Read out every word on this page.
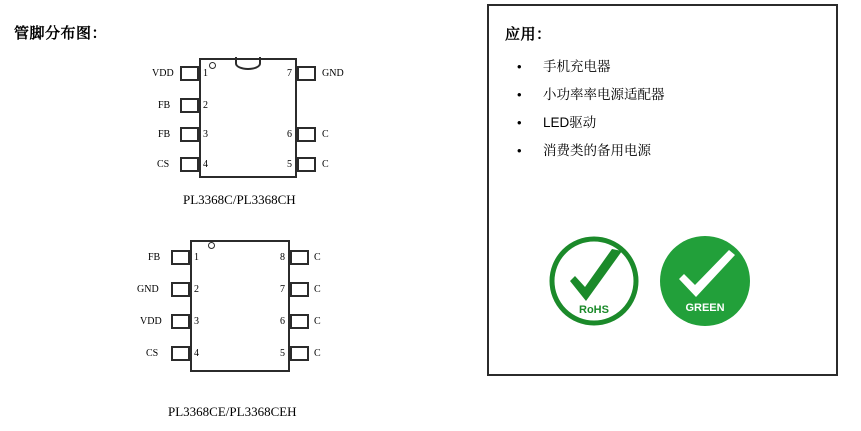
管脚分布图：
1
2
3
4
7
6
5
VDD
FB
FB
CS
GND
C
C
PL3368C/PL3368CH
1
2
3
4
8
7
6
5
FB
GND
VDD
CS
C
C
C
C
PL3368CE/PL3368CEH
应用：
•	手机充电器
•	小功率率电源适配器
•	LED驱动
•	消费类的备用电源
RoHS	GREEN
